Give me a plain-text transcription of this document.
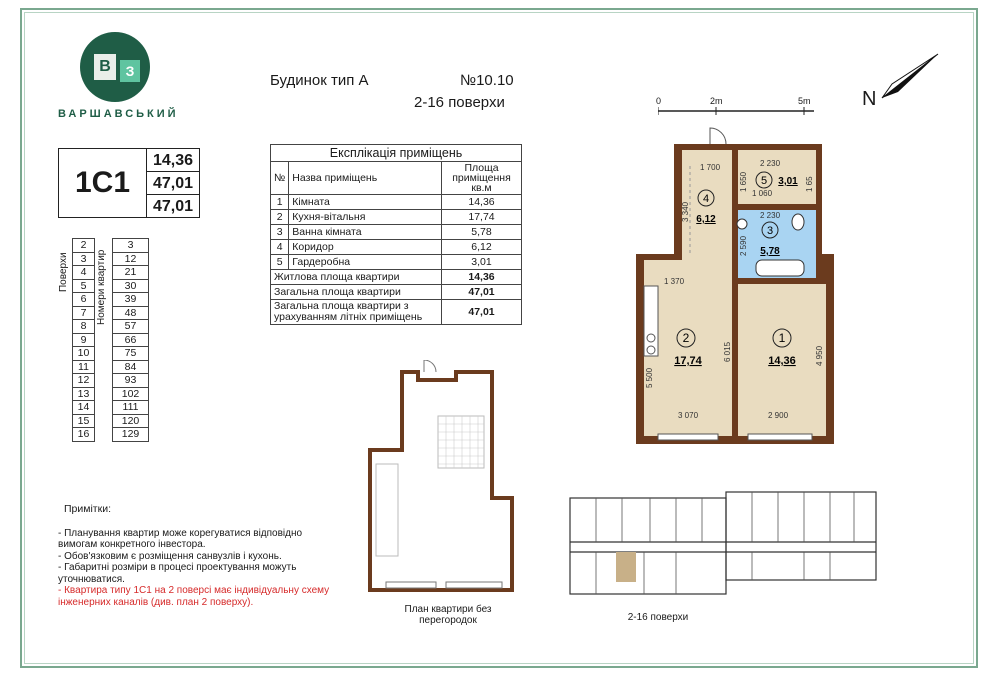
В	З
ВАРШАВСЬКИЙ
Будинок тип А	№10.10
2-16 поверхи
1С1
14,36
47,01
47,01
Поверхи	Номери квартир
2		3
3		12
4		21
5		30
6		39
7		48
8		57
9		66
10		75
11		84
12		93
13		102
14		111
15		120
16		129
Експлікація приміщень		
№	Назва приміщень	Площа приміщення кв.м
1	Кімната	14,36
2	Кухня-вітальня	17,74
3	Ванна кімната	5,78
4	Коридор	6,12
5	Гардеробна	3,01
Житлова площа квартири		14,36
Загальна площа квартири		47,01
Загальна площа квартири з урахуванням літніх приміщень		47,01
0	2m	5m	N
4
6,12
5 3,01
3
5,78
2
17,74
1
14,36
1 700	2 230
2 230
1 060
1 370
3 070	2 900
3 340
2 590
1 650	1 65
6 015
5 500
4 950
План квартири без перегородок	2-16 поверхи
Примітки:
- Планування квартир може корегуватися відповідно вимогам конкретного інвестора.
- Обов'язковим є розміщення санвузлів і кухонь.
- Габаритні розміри в процесі проектування можуть уточнюватися.
- Квартира типу 1С1 на 2 поверсі має індивідуальну схему інженерних каналів (див. план 2 поверху).
